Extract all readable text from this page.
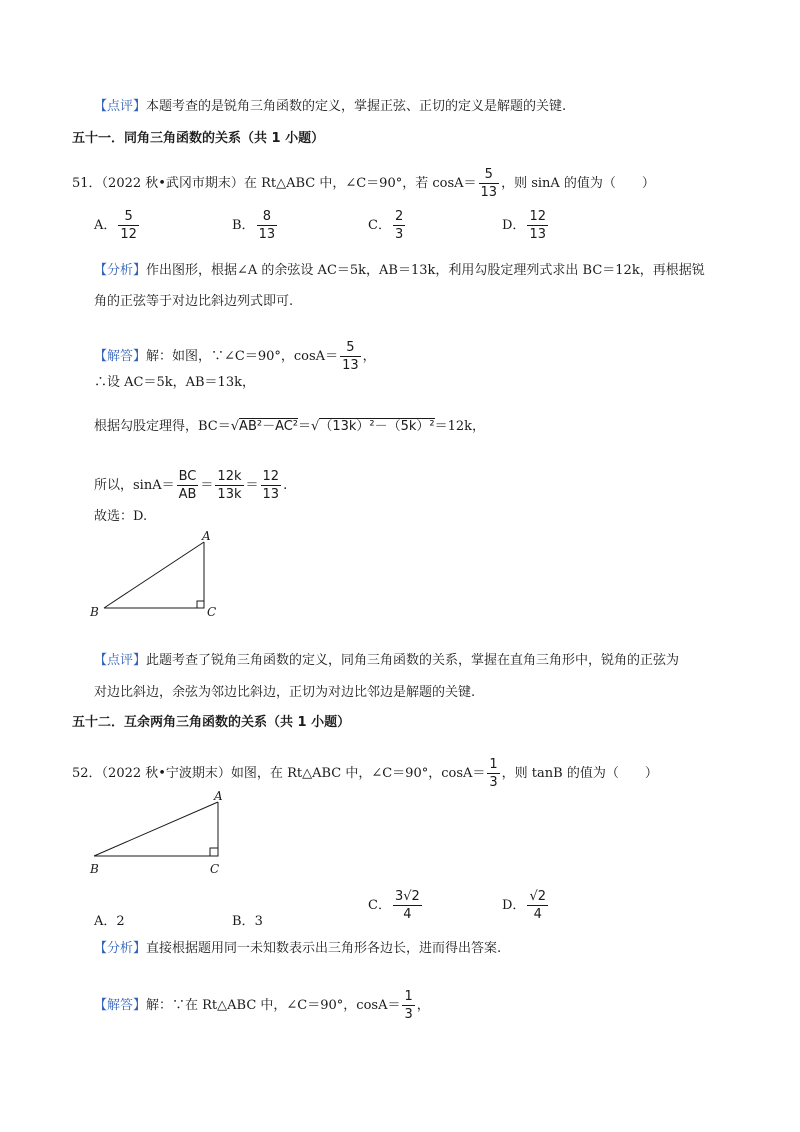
【点评】本题考查的是锐角三角函数的定义，掌握正弦、正切的定义是解题的关键.
五十一．同角三角函数的关系（共 1 小题）
51．（2022 秋•武冈市期末）在 Rt△ABC 中，∠C＝90°，若 $\cos A= \frac{5}{13}$ ，则 sinA 的值为（　　）
A． $\frac{5}{12}$	B． $\frac{8}{13}$	C． $\frac{2}{3}$	D． $\frac{12}{13}$
【分析】作出图形，根据∠A 的余弦设 AC＝5k，AB＝13k，利用勾股定理列式求出 BC＝12k，再根据锐
角的正弦等于对边比斜边列式即可.
【解答】解：如图，∵∠C＝90°，$\cos A= \frac{5}{13}$ ，
∴设 AC＝5k，AB＝13k，
根据勾股定理得，BC＝√AB²－AC²＝√（13k）²－（5k）²＝12k，
所以，$\sin A= \frac{BC}{AB} = \frac{12k}{13k} = \frac{12}{13}$ .
故选：D.
A
B	C
【点评】此题考查了锐角三角函数的定义，同角三角函数的关系，掌握在直角三角形中，锐角的正弦为
对边比斜边，余弦为邻边比斜边，正切为对边比邻边是解题的关键.
五十二．互余两角三角函数的关系（共 1 小题）
52．（2022 秋•宁波期末）如图，在 Rt△ABC 中，∠C＝90°，$\cos A= \frac{1}{3}$ ，则 tanB 的值为（　　）
A
B	C
A．2	B．3
C． $\frac{3√2}{4}$	D． $\frac{√2}{4}$
【分析】直接根据题用同一未知数表示出三角形各边长，进而得出答案.
【解答】解：∵在 Rt△ABC 中，∠C＝90°，$\cos A= \frac{1}{3}$ ，
